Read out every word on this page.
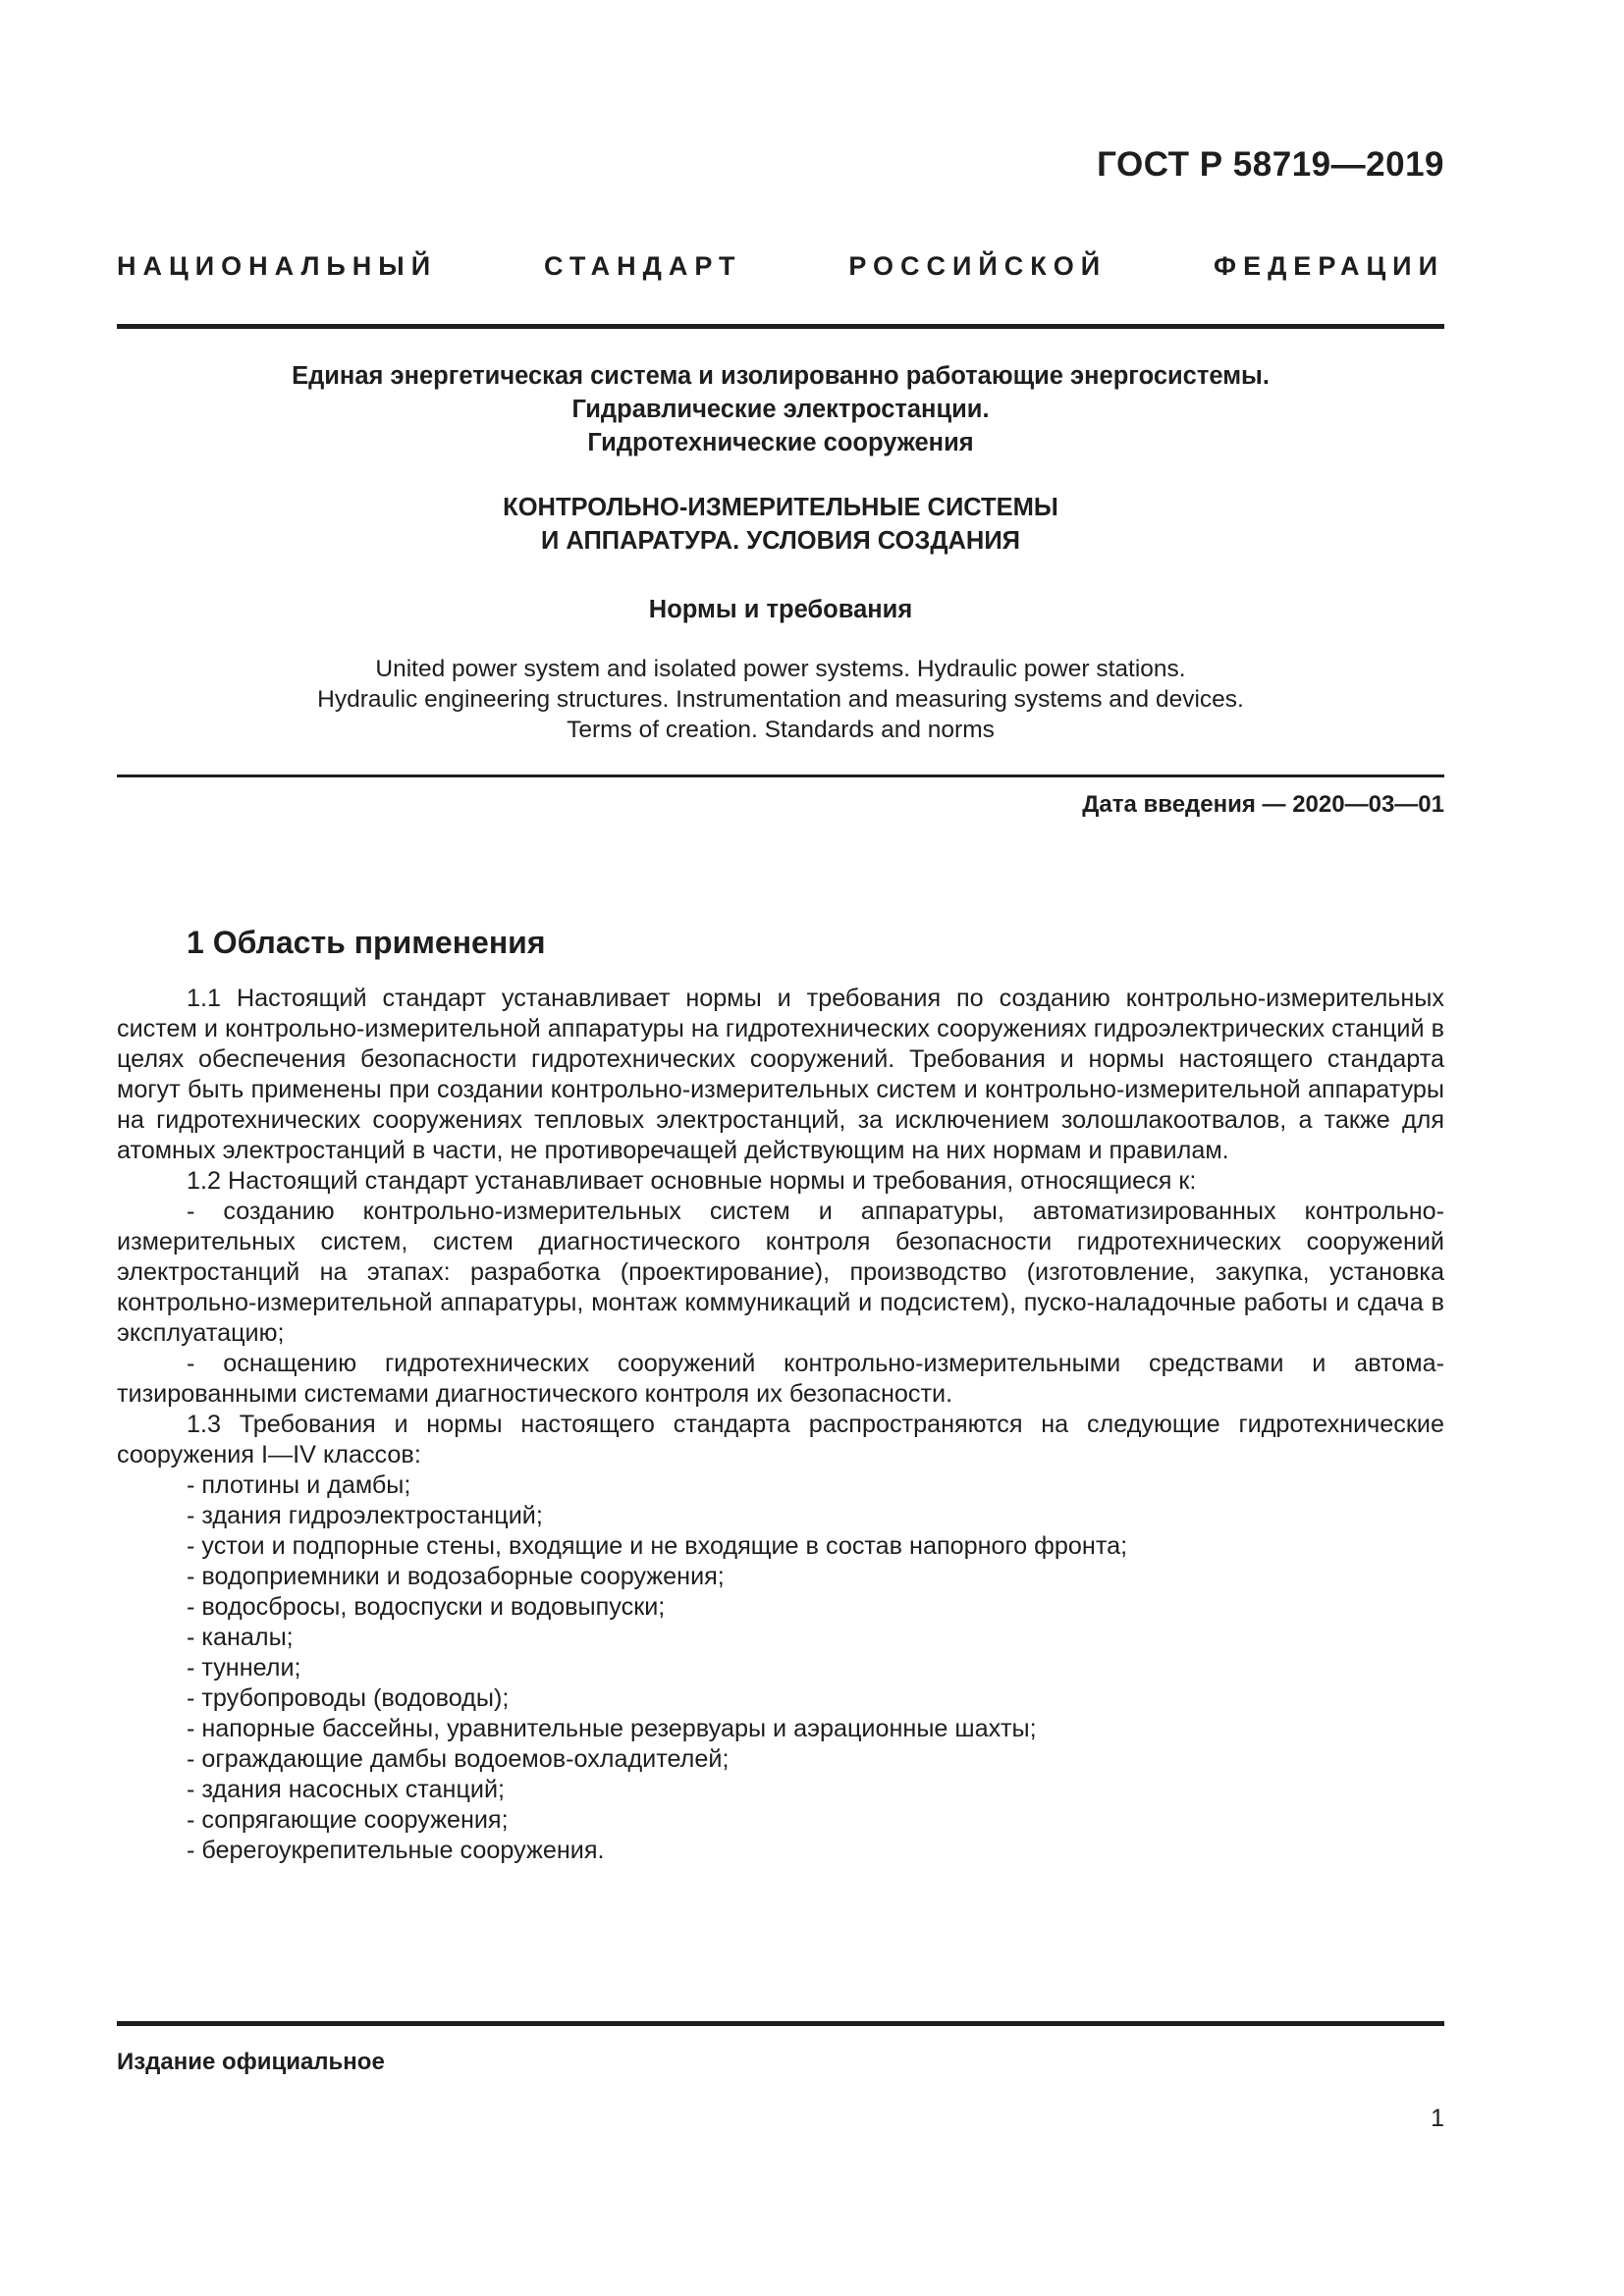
ГОСТ Р 58719—2019
НАЦИОНАЛЬНЫЙ СТАНДАРТ РОССИЙСКОЙ ФЕДЕРАЦИИ
Единая энергетическая система и изолированно работающие энергосистемы.
Гидравлические электростанции.
Гидротехнические сооружения
КОНТРОЛЬНО-ИЗМЕРИТЕЛЬНЫЕ СИСТЕМЫ
И АППАРАТУРА. УСЛОВИЯ СОЗДАНИЯ
Нормы и требования
United power system and isolated power systems. Hydraulic power stations.
Hydraulic engineering structures. Instrumentation and measuring systems and devices.
Terms of creation. Standards and norms
Дата введения — 2020—03—01
1 Область применения

1.1 Настоящий стандарт устанавливает нормы и требования по созданию контрольно-измерительных систем и контрольно-измерительной аппаратуры на гидротехнических сооружениях гидроэлектрических станций в целях обеспечения безопасности гидротехнических сооружений. Требования и нормы настоящего стандарта могут быть применены при создании контрольно-измерительных систем и контрольно-измерительной аппаратуры на гидротехнических сооружениях тепловых электростанций, за исключением золошлакоотвалов, а также для атомных электростанций в части, не противоречащей действующим на них нормам и правилам.

1.2 Настоящий стандарт устанавливает основные нормы и требования, относящиеся к:

- созданию контрольно-измерительных систем и аппаратуры, автоматизированных контрольно-измерительных систем, систем диагностического контроля безопасности гидротехнических сооружений электростанций на этапах: разработка (проектирование), производство (изготовление, закупка, установка контрольно-измерительной аппаратуры, монтаж коммуникаций и подсистем), пуско-наладочные работы и сдача в эксплуатацию;

- оснащению гидротехнических сооружений контрольно-измерительными средствами и автоматизированными системами диагностического контроля их безопасности.

1.3 Требования и нормы настоящего стандарта распространяются на следующие гидротехнические сооружения I—IV классов:

- плотины и дамбы;

- здания гидроэлектростанций;

- устои и подпорные стены, входящие и не входящие в состав напорного фронта;

- водоприемники и водозаборные сооружения;

- водосбросы, водоспуски и водовыпуски;

- каналы;

- туннели;

- трубопроводы (водоводы);

- напорные бассейны, уравнительные резервуары и аэрационные шахты;

- ограждающие дамбы водоемов-охладителей;

- здания насосных станций;

- сопрягающие сооружения;

- берегоукрепительные сооружения.

Издание официальное
1
